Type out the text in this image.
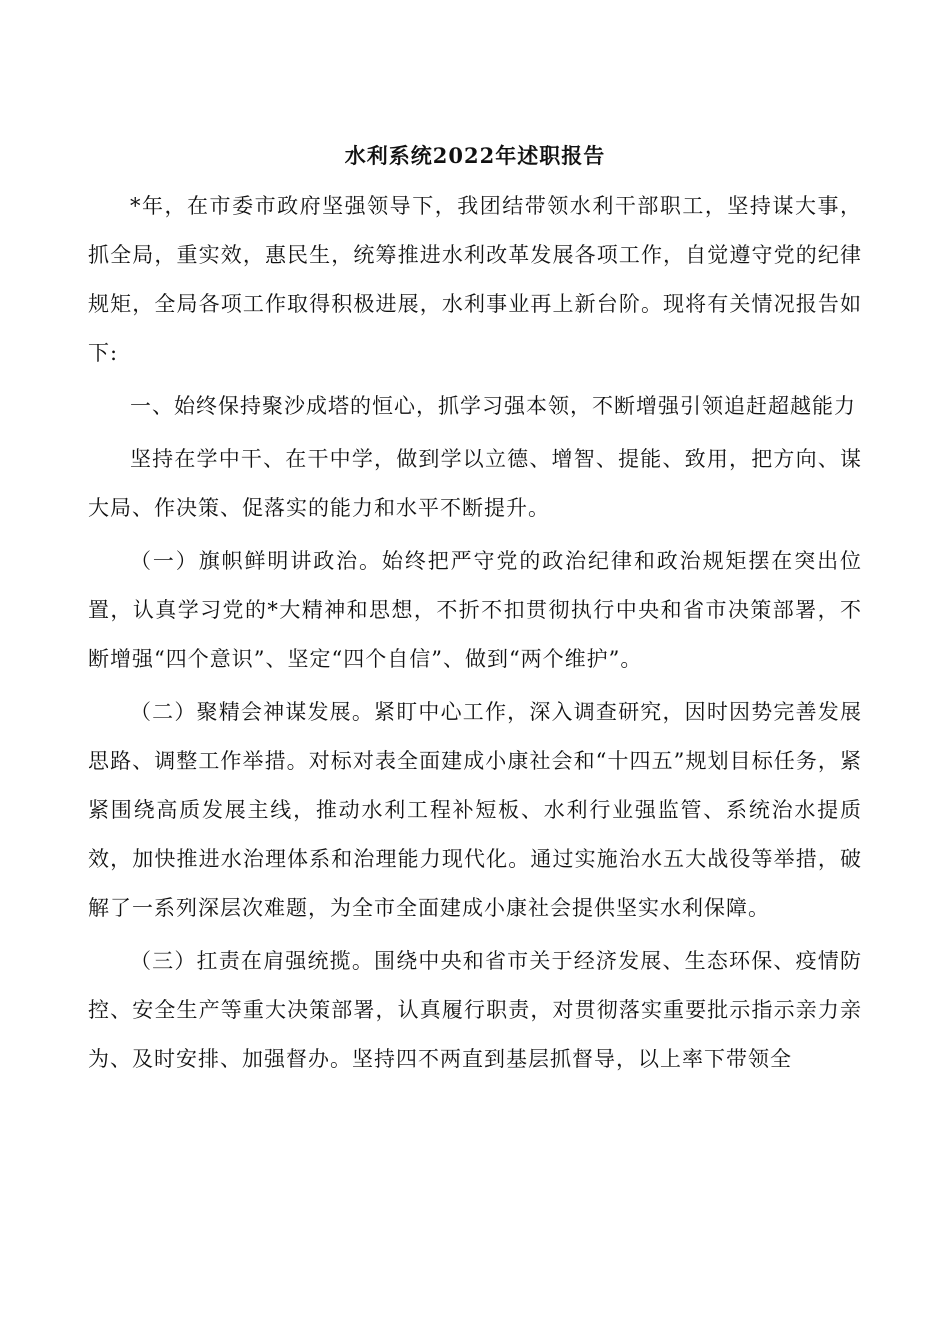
水利系统2022年述职报告

*年，在市委市政府坚强领导下，我团结带领水利干部职工，坚持谋大事，抓全局，重实效，惠民生，统筹推进水利改革发展各项工作，自觉遵守党的纪律规矩，全局各项工作取得积极进展，水利事业再上新台阶。现将有关情况报告如下:

一、始终保持聚沙成塔的恒心，抓学习强本领，不断增强引领追赶超越能力

坚持在学中干、在干中学，做到学以立德、增智、提能、致用，把方向、谋大局、作决策、促落实的能力和水平不断提升。

（一）旗帜鲜明讲政治。始终把严守党的政治纪律和政治规矩摆在突出位置，认真学习党的*大精神和思想，不折不扣贯彻执行中央和省市决策部署，不断增强“四个意识”、坚定“四个自信”、做到“两个维护”。

（二）聚精会神谋发展。紧盯中心工作，深入调查研究，因时因势完善发展思路、调整工作举措。对标对表全面建成小康社会和“十四五”规划目标任务，紧紧围绕高质发展主线，推动水利工程补短板、水利行业强监管、系统治水提质效，加快推进水治理体系和治理能力现代化。通过实施治水五大战役等举措，破解了一系列深层次难题，为全市全面建成小康社会提供坚实水利保障。

（三）扛责在肩强统揽。围绕中央和省市关于经济发展、生态环保、疫情防控、安全生产等重大决策部署，认真履行职责，对贯彻落实重要批示指示亲力亲为、及时安排、加强督办。坚持四不两直到基层抓督导，以上率下带领全
